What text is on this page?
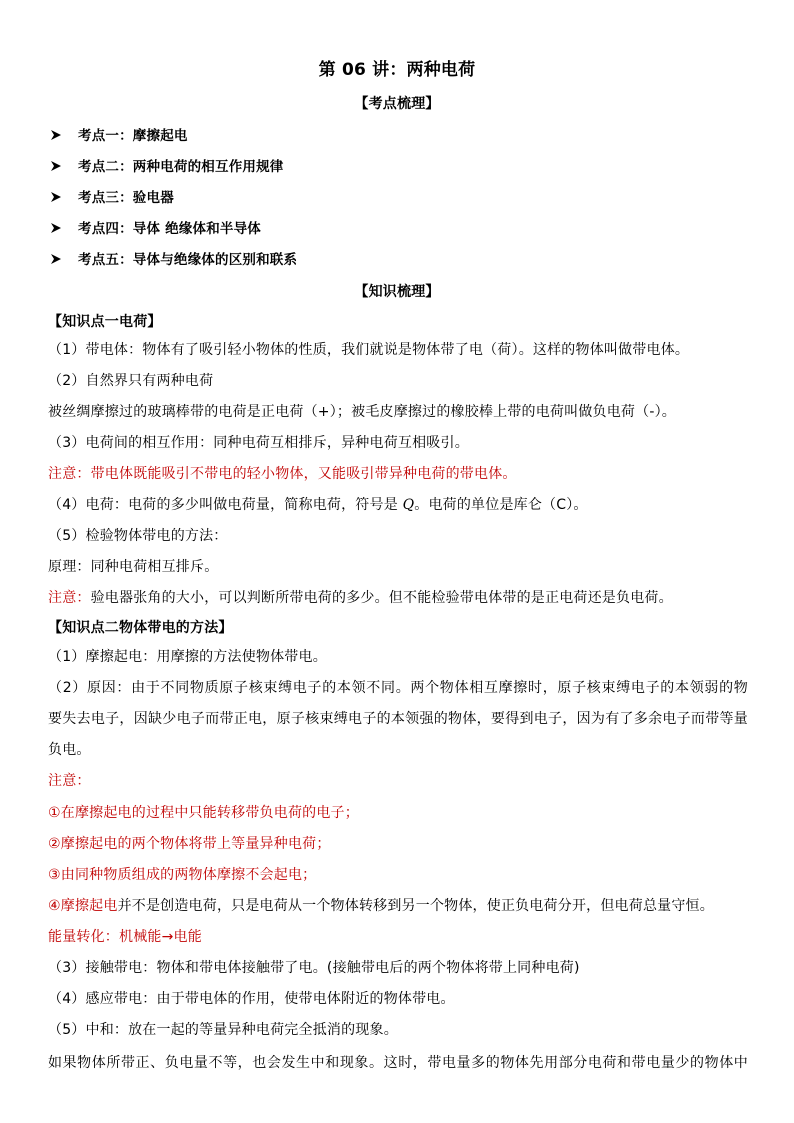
第 06 讲：两种电荷
【考点梳理】
考点一：摩擦起电
考点二：两种电荷的相互作用规律
考点三：验电器
考点四：导体 绝缘体和半导体
考点五：导体与绝缘体的区别和联系
【知识梳理】
【知识点一电荷】
（1）带电体：物体有了吸引轻小物体的性质，我们就说是物体带了电（荷）。这样的物体叫做带电体。
（2）自然界只有两种电荷
被丝绸摩擦过的玻璃棒带的电荷是正电荷（+）；被毛皮摩擦过的橡胶棒上带的电荷叫做负电荷（-）。
（3）电荷间的相互作用：同种电荷互相排斥，异种电荷互相吸引。
注意：带电体既能吸引不带电的轻小物体，又能吸引带异种电荷的带电体。
（4）电荷：电荷的多少叫做电荷量，简称电荷，符号是 Q。电荷的单位是库仑（C）。
（5）检验物体带电的方法：
原理：同种电荷相互排斥。
注意：验电器张角的大小，可以判断所带电荷的多少。但不能检验带电体带的是正电荷还是负电荷。
【知识点二物体带电的方法】
（1）摩擦起电：用摩擦的方法使物体带电。
（2）原因：由于不同物质原子核束缚电子的本领不同。两个物体相互摩擦时，原子核束缚电子的本领弱的物
要失去电子，因缺少电子而带正电，原子核束缚电子的本领强的物体，要得到电子，因为有了多余电子而带等量
负电。
注意：
①在摩擦起电的过程中只能转移带负电荷的电子；
②摩擦起电的两个物体将带上等量异种电荷；
③由同种物质组成的两物体摩擦不会起电；
④摩擦起电并不是创造电荷，只是电荷从一个物体转移到另一个物体，使正负电荷分开，但电荷总量守恒。
能量转化：机械能→电能
（3）接触带电：物体和带电体接触带了电。(接触带电后的两个物体将带上同种电荷)
（4）感应带电：由于带电体的作用，使带电体附近的物体带电。
（5）中和：放在一起的等量异种电荷完全抵消的现象。
如果物体所带正、负电量不等，也会发生中和现象。这时，带电量多的物体先用部分电荷和带电量少的物体中
